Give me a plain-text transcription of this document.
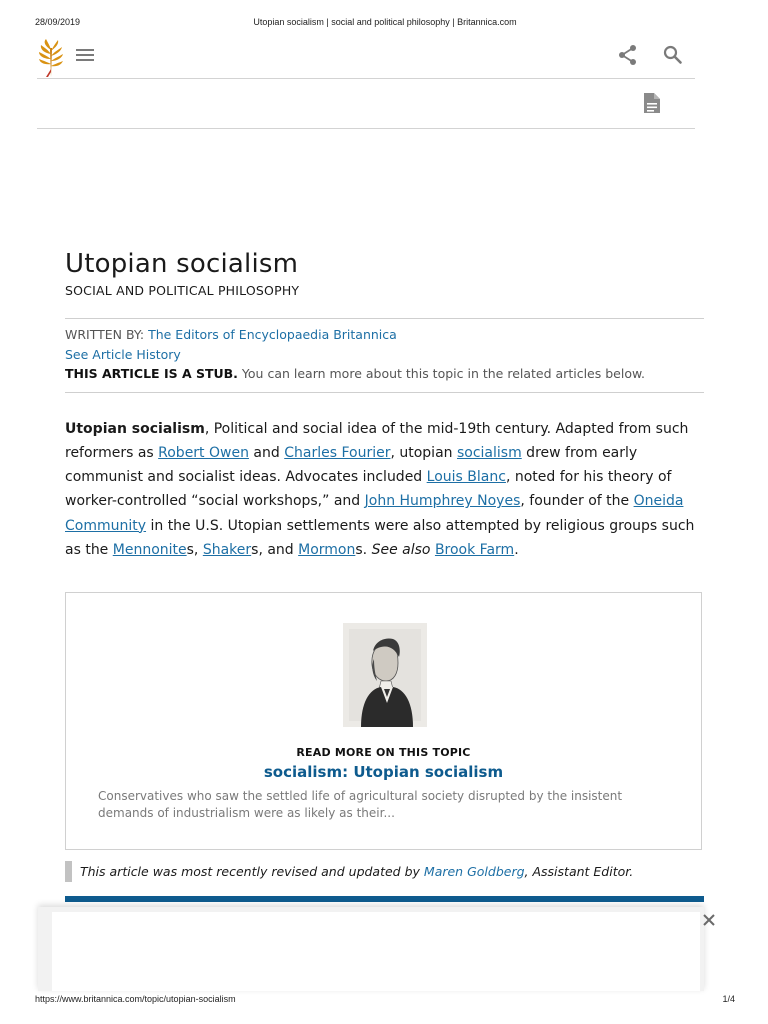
28/09/2019	Utopian socialism | social and political philosophy | Britannica.com
Utopian socialism
SOCIAL AND POLITICAL PHILOSOPHY
WRITTEN BY: The Editors of Encyclopaedia Britannica
See Article History
THIS ARTICLE IS A STUB. You can learn more about this topic in the related articles below.

Utopian socialism, Political and social idea of the mid-19th century. Adapted from such reformers as Robert Owen and Charles Fourier, utopian socialism drew from early communist and socialist ideas. Advocates included Louis Blanc, noted for his theory of worker-controlled “social workshops,” and John Humphrey Noyes, founder of the Oneida Community in the U.S. Utopian settlements were also attempted by religious groups such as the Mennonites, Shakers, and Mormons. See also Brook Farm.

READ MORE ON THIS TOPIC
socialism: Utopian socialism
Conservatives who saw the settled life of agricultural society disrupted by the insistent demands of industrialism were as likely as their...
This article was most recently revised and updated by Maren Goldberg, Assistant Editor.
https://www.britannica.com/topic/utopian-socialism	1/4
